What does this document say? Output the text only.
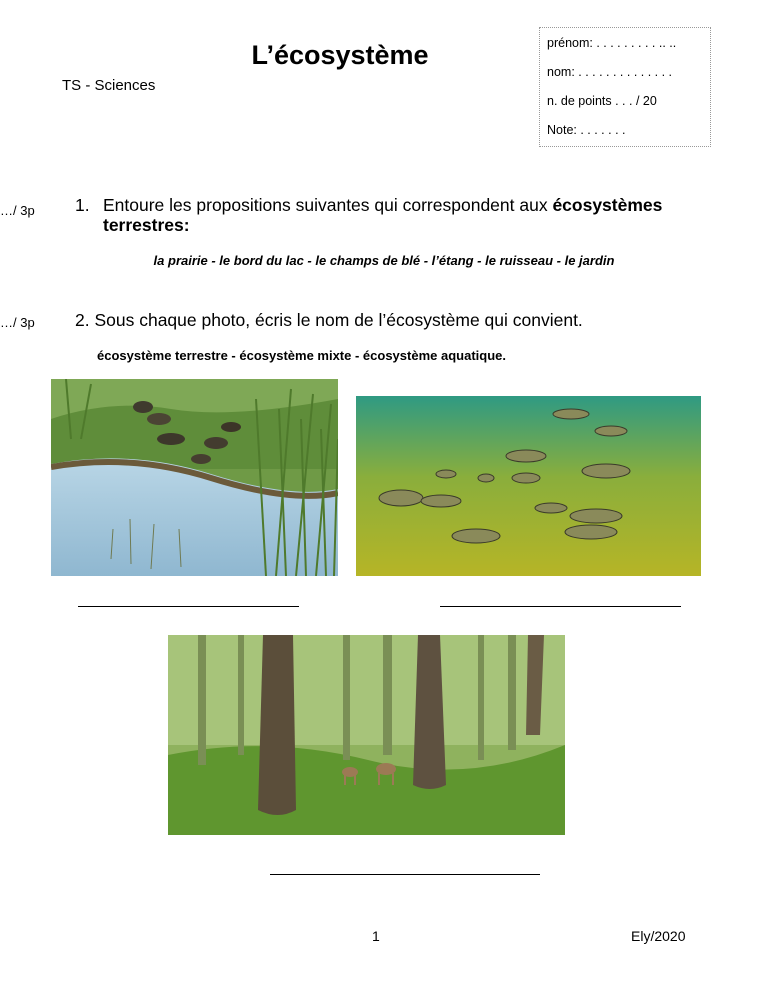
L’écosystème
TS - Sciences
prénom: . . . . . . . . . .. ..
nom: . . . . . . . . . . . . . .
n. de points . . . / 20
Note: . . . . . . .
…/ 3p 1. Entoure les propositions suivantes qui correspondent aux écosystèmes terrestres:
la prairie - le bord du lac - le champs de blé - l’étang - le ruisseau - le jardin
…/ 3p 2. Sous chaque photo, écris le nom de l’écosystème qui convient.
écosystème terrestre - écosystème mixte - écosystème aquatique.
1	Ely/2020
